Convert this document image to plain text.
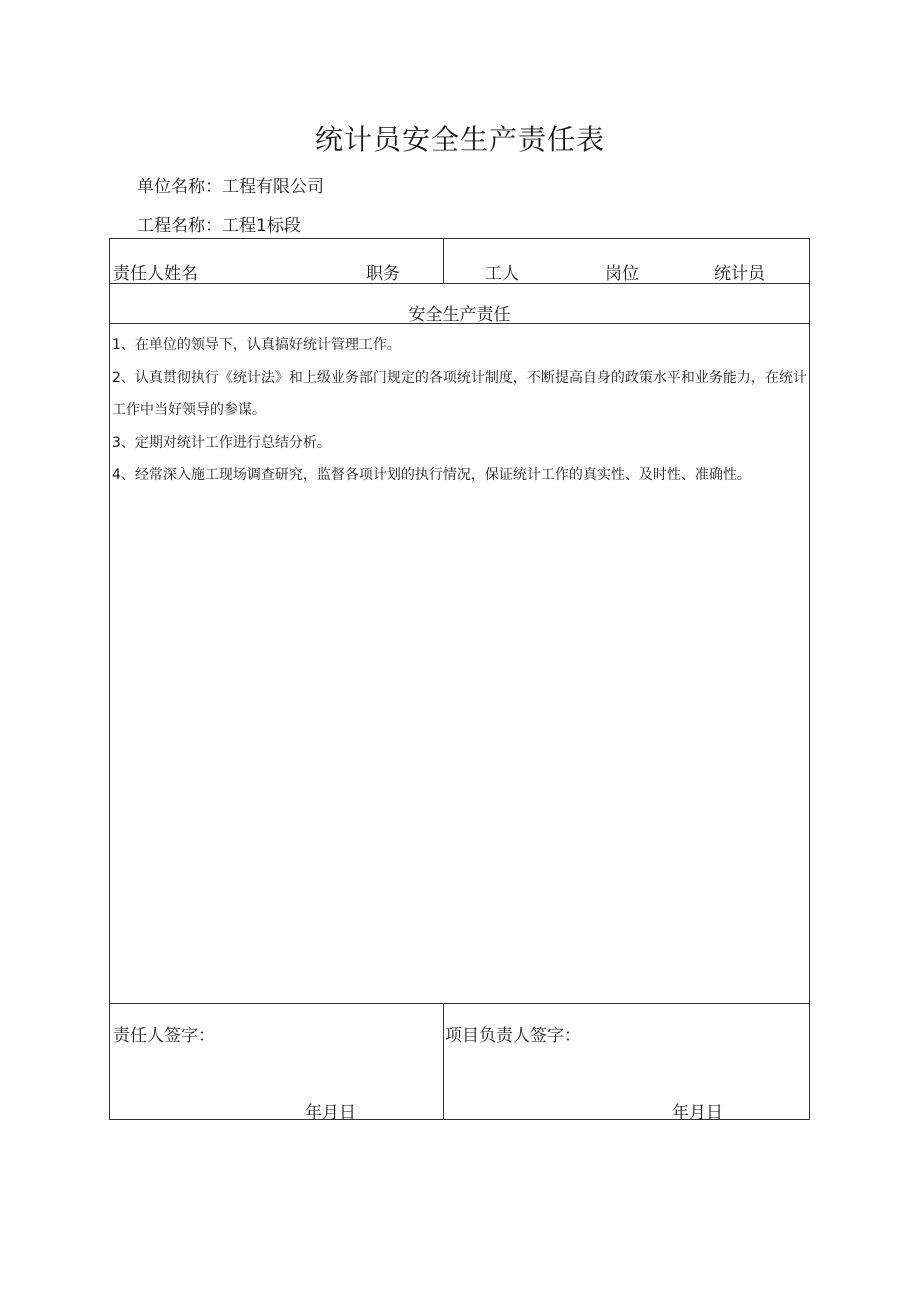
统计员安全生产责任表
单位名称：工程有限公司
工程名称：工程1标段
责任人姓名	职务	工人	岗位	统计员
安全生产责任

1、在单位的领导下，认真搞好统计管理工作。

2、认真贯彻执行《统计法》和上级业务部门规定的各项统计制度，不断提高自身的政策水平和业务能力，在统计工作中当好领导的参谋。

3、定期对统计工作进行总结分析。

4、经常深入施工现场调查研究，监督各项计划的执行情况，保证统计工作的真实性、及时性、准确性。

责任人签字：
年月日
项目负责人签字：
年月日
